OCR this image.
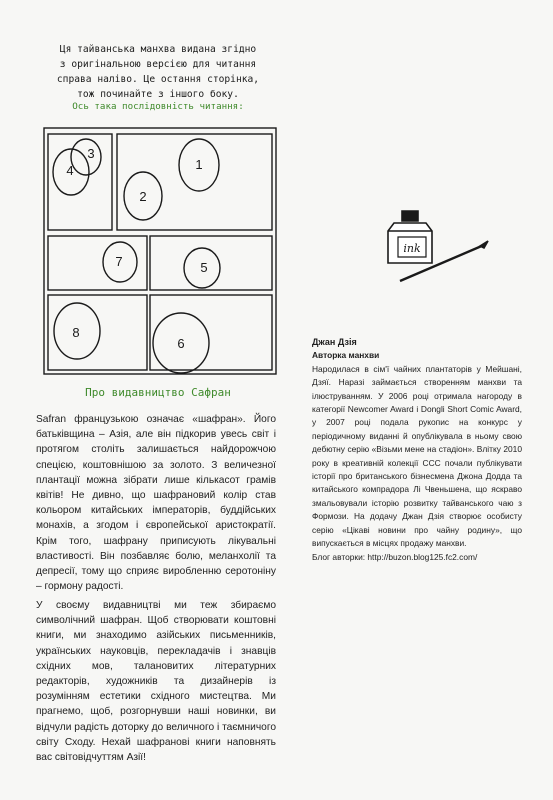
Ця тайванська манхва видана згідно
з оригінальною версією для читання
справа наліво. Це остання сторінка,
тож починайте з іншого боку.
Ось така послідовність читання:
1
2
3
4
5
6
7
8
Про видавництво Сафран

Safran французькою означає «шафран». Його батьківщина – Азія, але він підкорив увесь світ і протягом століть залишається найдорожчою спецією, коштовнішою за золото. З величезної плантації можна зібрати лише кількасот грамів квітів! Не дивно, що шафрановий колір став кольором китайських імператорів, буддійських монахів, а згодом і європейської аристократії. Крім того, шафрану приписують лікувальні властивості. Він позбавляє болю, меланхолії та депресії, тому що сприяє виробленню серотоніну – гормону радості.

У своєму видавництві ми теж збираємо символічний шафран. Щоб створювати коштовні книги, ми знаходимо азійських письменників, українських науковців, перекладачів і знавців східних мов, талановитих літературних редакторів, художників та дизайнерів із розумінням естетики східного мистецтва. Ми прагнемо, щоб, розгорнувши наші новинки, ви відчули радість доторку до величного і таємничого світу Сходу. Нехай шафранові книги наповнять вас світовідчуттям Азії!

ink
Джан Дзія
Авторка манхви
Народилася в сім'ї чайних плантаторів у Мейшані, Дзяї. Наразі займається створенням манхви та ілюструванням. У 2006 році отримала нагороду в категорії Newcomer Award і Dongli Short Comic Award, у 2007 році подала рукопис на конкурс у періодичному виданні й опублікувала в ньому свою дебютну серію «Візьми мене на стадіон». Влітку 2010 року в креативній колекції CCC почали публікувати історії про британського бізнесмена Джона Додда та китайського компрадора Лі Чвеньшена, що яскраво змальовували історію розвитку тайванського чаю з Формози. На додачу Джан Дзія створює особисту серію «Цікаві новини про чайну родину», що випускається в місцях продажу манхви.
Блог авторки: http://buzon.blog125.fc2.com/
